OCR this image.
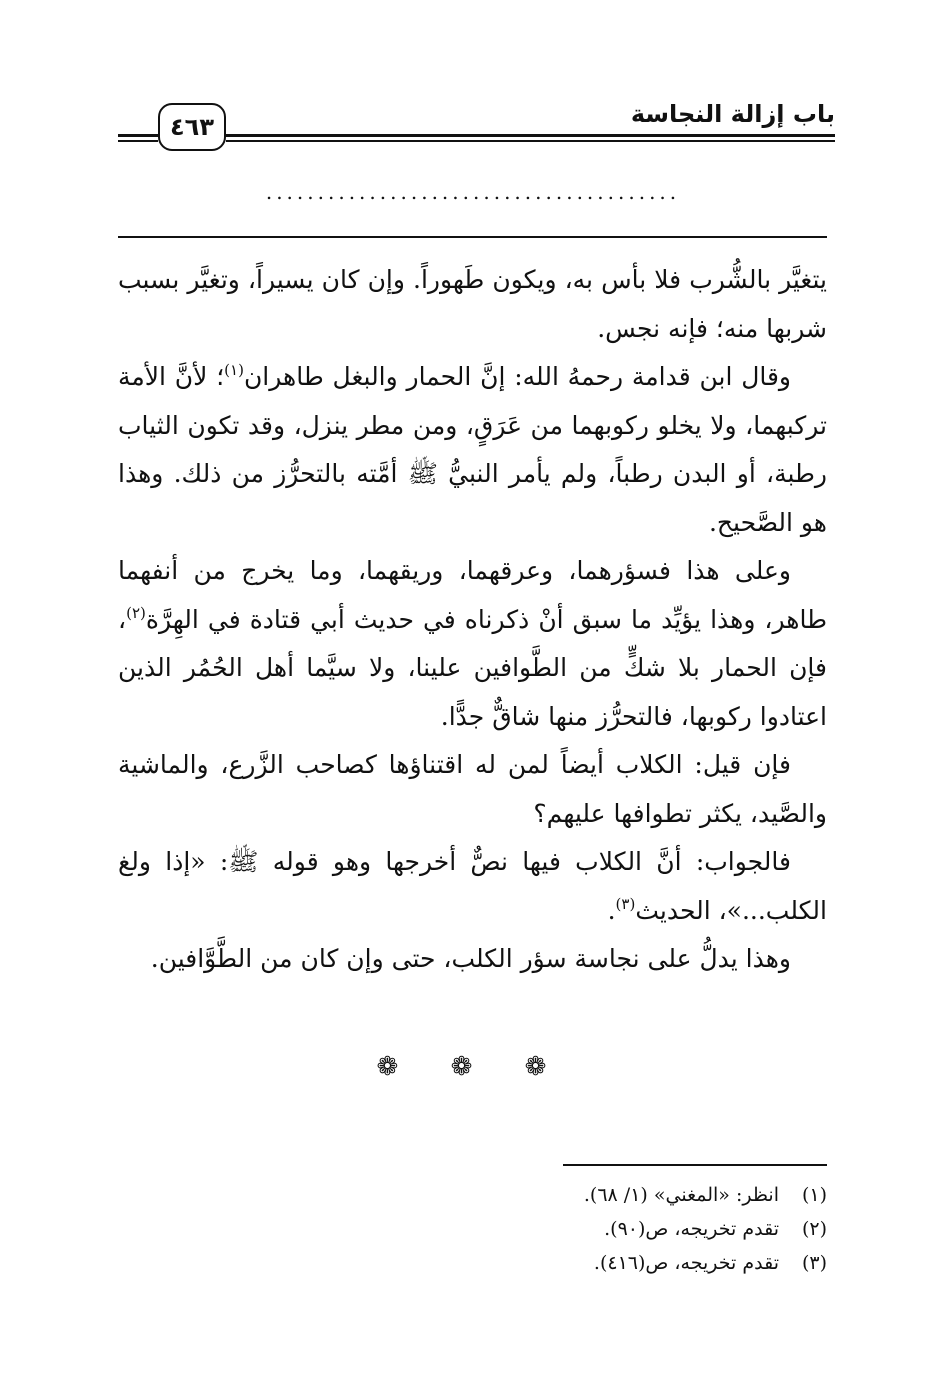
باب إزالة النجاسة
٤٦٣
........................................

يتغيَّر بالشُّرب فلا بأس به، ويكون طَهوراً. وإن كان يسيراً، وتغيَّر بسبب شربها منه؛ فإنه نجس.

وقال ابن قدامة رحمهُ الله: إنَّ الحمار والبغل طاهران$^{(١)}$؛ لأنَّ الأمة تركبهما، ولا يخلو ركوبهما من عَرَقٍ، ومن مطر ينزل، وقد تكون الثياب رطبة، أو البدن رطباً، ولم يأمر النبيُّ ﷺ أمَّته بالتحرُّز من ذلك. وهذا هو الصَّحيح.

وعلى هذا فسؤرهما، وعرقهما، وريقهما، وما يخرج من أنفهما طاهر، وهذا يؤيِّد ما سبق أنْ ذكرناه في حديث أبي قتادة في الهِرَّة$^{(٢)}$، فإن الحمار بلا شكٍّ من الطَّوافين علينا، ولا سيَّما أهل الحُمُر الذين اعتادوا ركوبها، فالتحرُّز منها شاقٌّ جدًّا.

فإن قيل: الكلاب أيضاً لمن له اقتناؤها كصاحب الزَّرع، والماشية والصَّيد، يكثر تطوافها عليهم؟

فالجواب: أنَّ الكلاب فيها نصٌّ أخرجها وهو قوله ﷺ: «إذا ولغ الكلب...»، الحديث$^{(٣)}$.

وهذا يدلُّ على نجاسة سؤر الكلب، حتى وإن كان من الطَّوَّافين.

❁ ❁ ❁
(١)
انظر: «المغني» (١/ ٦٨).
(٢)
تقدم تخريجه، ص(٩٠).
(٣)
تقدم تخريجه، ص(٤١٦).
